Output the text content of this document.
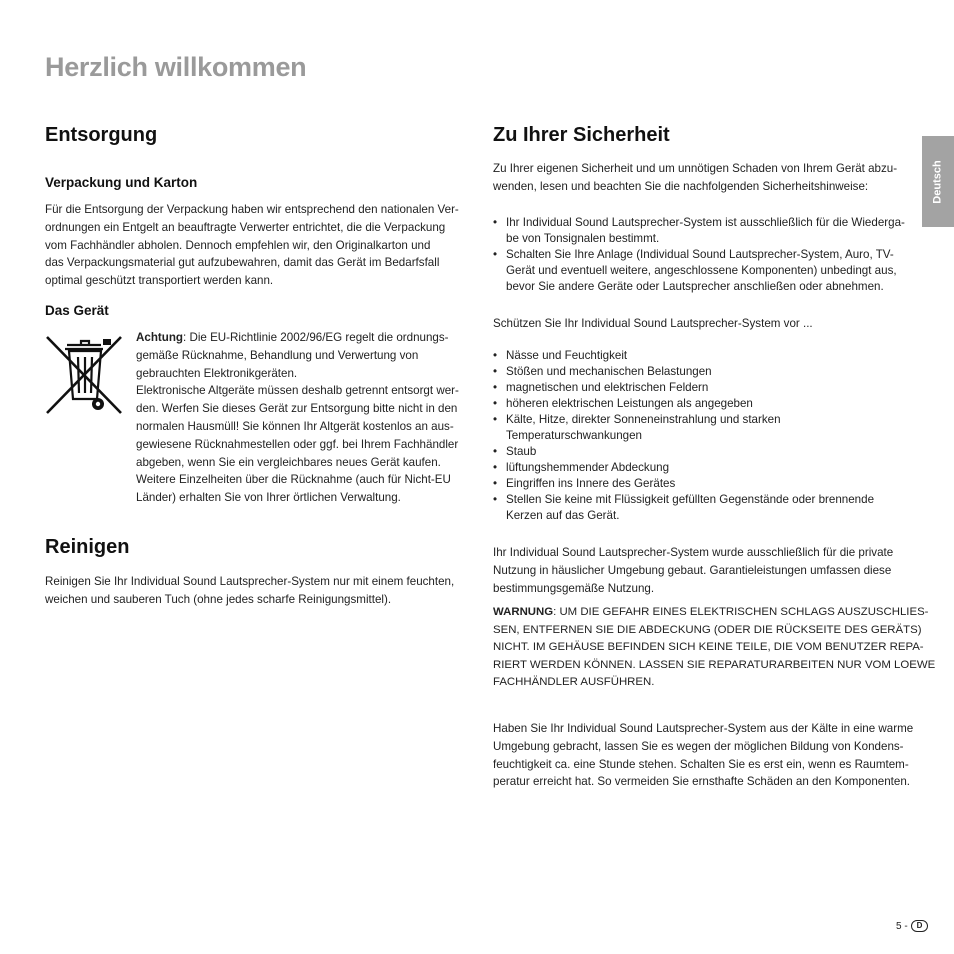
Herzlich willkommen
Entsorgung
Verpackung und Karton
Für die Entsorgung der Verpackung haben wir entsprechend den nationalen Ver-
ordnungen ein Entgelt an beauftragte Verwerter entrichtet, die die Verpackung
vom Fachhändler abholen. Dennoch empfehlen wir, den Originalkarton und
das Verpackungsmaterial gut aufzubewahren, damit das Gerät im Bedarfsfall
optimal geschützt transportiert werden kann.
Das Gerät
Achtung: Die EU-Richtlinie 2002/96/EG regelt die ordnungs-
gemäße Rücknahme, Behandlung und Verwertung von
gebrauchten Elektronikgeräten.
Elektronische Altgeräte müssen deshalb getrennt entsorgt wer-
den. Werfen Sie dieses Gerät zur Entsorgung bitte nicht in den
normalen Hausmüll! Sie können Ihr Altgerät kostenlos an aus-
gewiesene Rücknahmestellen oder ggf. bei Ihrem Fachhändler
abgeben, wenn Sie ein vergleichbares neues Gerät kaufen.
Weitere Einzelheiten über die Rücknahme (auch für Nicht-EU
Länder) erhalten Sie von Ihrer örtlichen Verwaltung.
Reinigen
Reinigen Sie Ihr Individual Sound Lautsprecher-System nur mit einem feuchten,
weichen und sauberen Tuch (ohne jedes scharfe Reinigungsmittel).
Zu Ihrer Sicherheit
Zu Ihrer eigenen Sicherheit und um unnötigen Schaden von Ihrem Gerät abzu-
wenden, lesen und beachten Sie die nachfolgenden Sicherheitshinweise:
• Ihr Individual Sound Lautsprecher-System ist ausschließlich für die Wiederga-
be von Tonsignalen bestimmt.
• Schalten Sie Ihre Anlage (Individual Sound Lautsprecher-System, Auro, TV-
Gerät und eventuell weitere, angeschlossene Komponenten) unbedingt aus,
bevor Sie andere Geräte oder Lautsprecher anschließen oder abnehmen.
Schützen Sie Ihr Individual Sound Lautsprecher-System vor ...
• Nässe und Feuchtigkeit
• Stößen und mechanischen Belastungen
• magnetischen und elektrischen Feldern
• höheren elektrischen Leistungen als angegeben
• Kälte, Hitze, direkter Sonneneinstrahlung und starken
Temperaturschwankungen
• Staub
• lüftungshemmender Abdeckung
• Eingriffen ins Innere des Gerätes
• Stellen Sie keine mit Flüssigkeit gefüllten Gegenstände oder brennende
Kerzen auf das Gerät.
Ihr Individual Sound Lautsprecher-System wurde ausschließlich für die private
Nutzung in häuslicher Umgebung gebaut. Garantieleistungen umfassen diese
bestimmungsgemäße Nutzung.
WARNUNG: UM DIE GEFAHR EINES ELEKTRISCHEN SCHLAGS AUSZUSCHLIES-
SEN, ENTFERNEN SIE DIE ABDECKUNG (ODER DIE RÜCKSEITE DES GERÄTS)
NICHT. IM GEHÄUSE BEFINDEN SICH KEINE TEILE, DIE VOM BENUTZER REPA-
RIERT WERDEN KÖNNEN. LASSEN SIE REPARATURARBEITEN NUR VOM LOEWE
FACHHÄNDLER AUSFÜHREN.
Haben Sie Ihr Individual Sound Lautsprecher-System aus der Kälte in eine warme
Umgebung gebracht, lassen Sie es wegen der möglichen Bildung von Kondens-
feuchtigkeit ca. eine Stunde stehen. Schalten Sie es erst ein, wenn es Raumtem-
peratur erreicht hat. So vermeiden Sie ernsthafte Schäden an den Komponenten.
Deutsch
5 -	D
